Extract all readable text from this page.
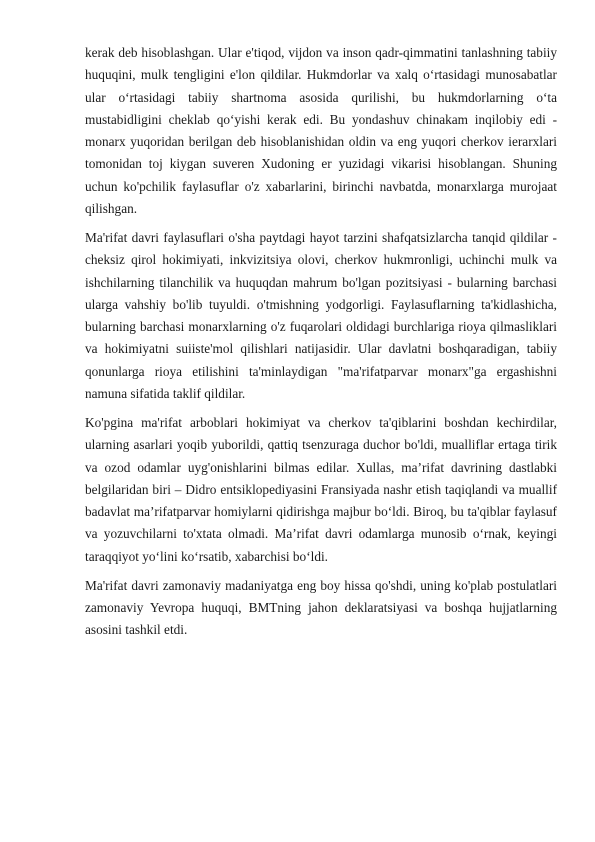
kerak deb hisoblashgan. Ular e'tiqod, vijdon va inson qadr-qimmatini tanlashning tabiiy huquqini, mulk tengligini e'lon qildilar. Hukmdorlar va xalq o‘rtasidagi munosabatlar ular o‘rtasidagi tabiiy shartnoma asosida qurilishi, bu hukmdorlarning o‘ta mustabidligini cheklab qo‘yishi kerak edi. Bu yondashuv chinakam inqilobiy edi - monarx yuqoridan berilgan deb hisoblanishidan oldin va eng yuqori cherkov ierarxlari tomonidan toj kiygan suveren Xudoning er yuzidagi vikarisi hisoblangan. Shuning uchun ko'pchilik faylasuflar o'z xabarlarini, birinchi navbatda, monarxlarga murojaat qilishgan.

Ma'rifat davri faylasuflari o'sha paytdagi hayot tarzini shafqatsizlarcha tanqid qildilar - cheksiz qirol hokimiyati, inkvizitsiya olovi, cherkov hukmronligi, uchinchi mulk va ishchilarning tilanchilik va huquqdan mahrum bo'lgan pozitsiyasi - bularning barchasi ularga vahshiy bo'lib tuyuldi. o'tmishning yodgorligi. Faylasuflarning ta'kidlashicha, bularning barchasi monarxlarning o'z fuqarolari oldidagi burchlariga rioya qilmasliklari va hokimiyatni suiiste'mol qilishlari natijasidir. Ular davlatni boshqaradigan, tabiiy qonunlarga rioya etilishini ta'minlaydigan "ma'rifatparvar monarx"ga ergashishni namuna sifatida taklif qildilar.

Ko'pgina ma'rifat arboblari hokimiyat va cherkov ta'qiblarini boshdan kechirdilar, ularning asarlari yoqib yuborildi, qattiq tsenzuraga duchor bo'ldi, mualliflar ertaga tirik va ozod odamlar uyg'onishlarini bilmas edilar. Xullas, ma’rifat davrining dastlabki belgilaridan biri – Didro entsiklopediyasini Fransiyada nashr etish taqiqlandi va muallif badavlat ma’rifatparvar homiylarni qidirishga majbur bo‘ldi. Biroq, bu ta'qiblar faylasuf va yozuvchilarni to'xtata olmadi. Ma’rifat davri odamlarga munosib o‘rnak, keyingi taraqqiyot yo‘lini ko‘rsatib, xabarchisi bo‘ldi.

Ma'rifat davri zamonaviy madaniyatga eng boy hissa qo'shdi, uning ko'plab postulatlari zamonaviy Yevropa huquqi, BMTning jahon deklaratsiyasi va boshqa hujjatlarning asosini tashkil etdi.
